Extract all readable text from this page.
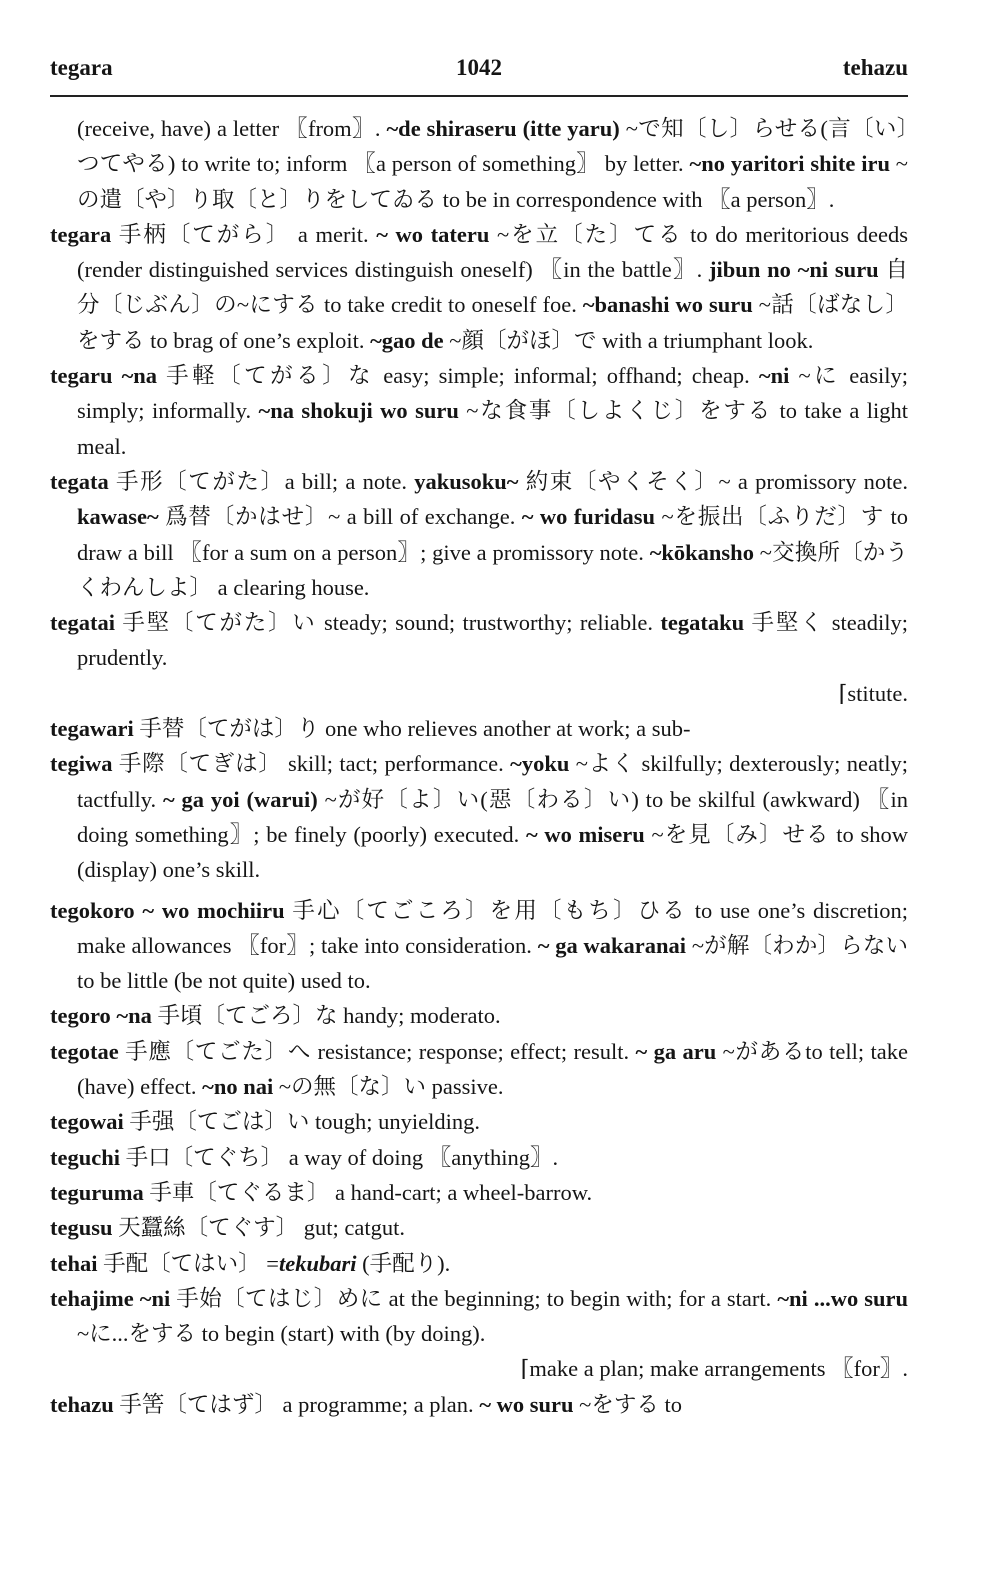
tegara	1042	tehazu

(receive, have) a letter 〖from〗. ~de shiraseru (itte yaru) ~で知〔し〕らせる(言〔い〕つてやる) to write to; inform 〖a person of something〗 by letter. ~no yaritori shite iru ~の遣〔や〕り取〔と〕りをしてゐる to be in correspondence with 〖a person〗.

tegara 手柄〔てがら〕 a merit. ~ wo tateru ~を立〔た〕てる to do meritorious deeds (render distinguished services distinguish oneself) 〖in the battle〗. jibun no ~ni suru 自分〔じぶん〕の~にする to take credit to oneself foe. ~banashi wo suru ~話〔ばなし〕をする to brag of one’s exploit. ~gao de ~顔〔がほ〕で with a triumphant look.

tegaru ~na 手軽〔てがる〕な easy; simple; informal; offhand; cheap. ~ni ~に easily; simply; informally. ~na shokuji wo suru ~な食事〔しよくじ〕をする to take a light meal.

tegata 手形〔てがた〕a bill; a note. yakusoku~ 約束〔やくそく〕~ a promissory note. kawase~ 爲替〔かはせ〕~ a bill of exchange. ~ wo furidasu ~を振出〔ふりだ〕す to draw a bill 〖for a sum on a person〗; give a promissory note. ~kōkansho ~交換所〔かうくわんしよ〕 a clearing house.

tegatai 手堅〔てがた〕い steady; sound; trustworthy; reliable. tegataku 手堅く steadily; prudently.
⌈stitute.

tegawari 手替〔てがは〕り one who relieves another at work; a sub-

tegiwa 手際〔てぎは〕 skill; tact; performance. ~yoku ~よく skilfully; dexterously; neatly; tactfully. ~ ga yoi (warui) ~が好〔よ〕い(惡〔わる〕い) to be skilful (awkward) 〖in doing something〗; be finely (poorly) executed. ~ wo miseru ~を見〔み〕せる to show (display) one’s skill.

tegokoro ~ wo mochiiru 手心〔てごころ〕を用〔もち〕ひる to use one’s discretion; make allowances 〖for〗; take into consideration. ~ ga wakaranai ~が解〔わか〕らない to be little (be not quite) used to.

tegoro ~na 手頃〔てごろ〕な handy; moderato.

tegotae 手應〔てごた〕へ resistance; response; effect; result. ~ ga aru ~があるto tell; take (have) effect. ~no nai ~の無〔な〕い passive.

tegowai 手强〔てごは〕い tough; unyielding.

teguchi 手口〔てぐち〕 a way of doing 〖anything〗.

teguruma 手車〔てぐるま〕 a hand-cart; a wheel-barrow.

tegusu 天蠶絲〔てぐす〕 gut; catgut.

tehai 手配〔てはい〕 =tekubari (手配り).

tehajime ~ni 手始〔てはじ〕めに at the beginning; to begin with; for a start. ~ni ...wo suru ~に...をする to begin (start) with (by doing).
⌈make a plan; make arrangements 〖for〗.

tehazu 手筈〔てはず〕 a programme; a plan. ~ wo suru ~をする to
